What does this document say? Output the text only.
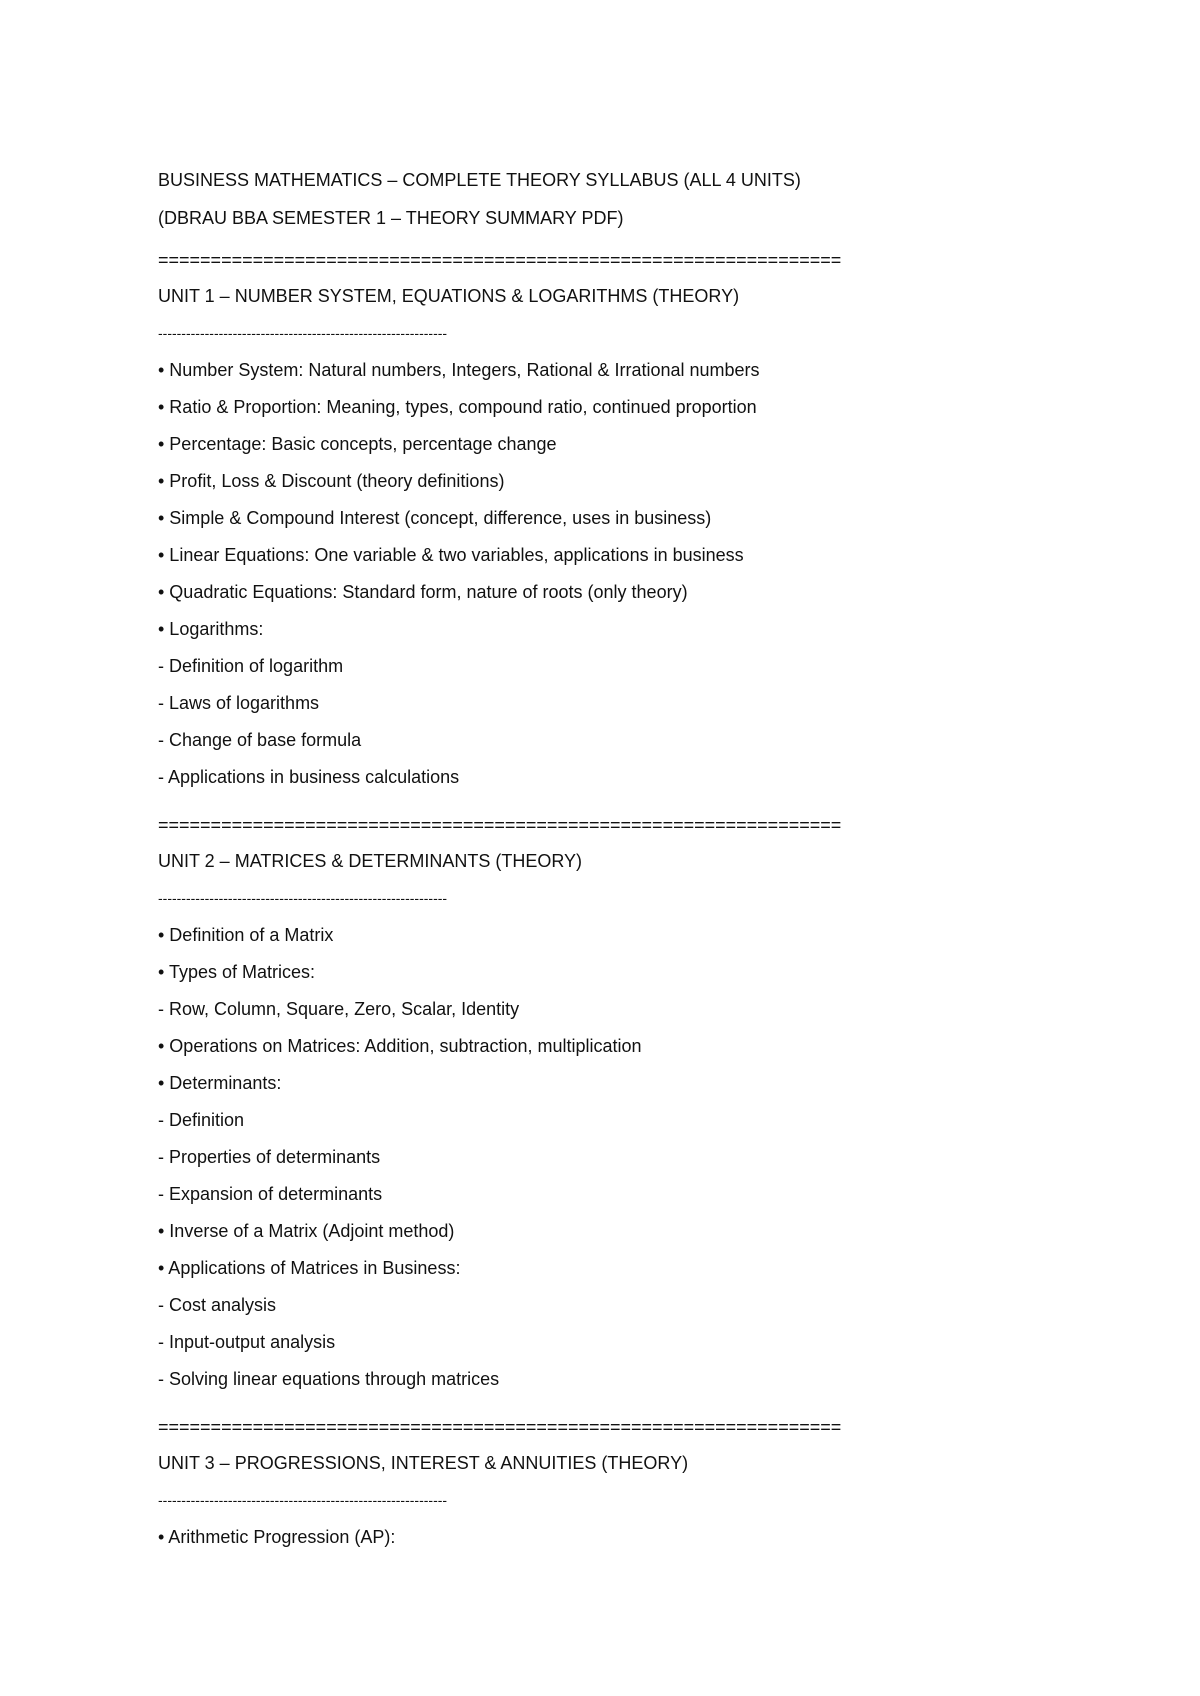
BUSINESS MATHEMATICS – COMPLETE THEORY SYLLABUS (ALL 4 UNITS)

(DBRAU BBA SEMESTER 1 – THEORY SUMMARY PDF)

=================================================================

UNIT 1 – NUMBER SYSTEM, EQUATIONS & LOGARITHMS (THEORY)

--------------------------------------------------------------

• Number System: Natural numbers, Integers, Rational & Irrational numbers

• Ratio & Proportion: Meaning, types, compound ratio, continued proportion

• Percentage: Basic concepts, percentage change

• Profit, Loss & Discount (theory definitions)

• Simple & Compound Interest (concept, difference, uses in business)

• Linear Equations: One variable & two variables, applications in business

• Quadratic Equations: Standard form, nature of roots (only theory)

• Logarithms:

- Definition of logarithm

- Laws of logarithms

- Change of base formula

- Applications in business calculations

=================================================================

UNIT 2 – MATRICES & DETERMINANTS (THEORY)

--------------------------------------------------------------

• Definition of a Matrix

• Types of Matrices:

- Row, Column, Square, Zero, Scalar, Identity

• Operations on Matrices: Addition, subtraction, multiplication

• Determinants:

- Definition

- Properties of determinants

- Expansion of determinants

• Inverse of a Matrix (Adjoint method)

• Applications of Matrices in Business:

- Cost analysis

- Input-output analysis

- Solving linear equations through matrices

=================================================================

UNIT 3 – PROGRESSIONS, INTEREST & ANNUITIES (THEORY)

--------------------------------------------------------------

• Arithmetic Progression (AP):
